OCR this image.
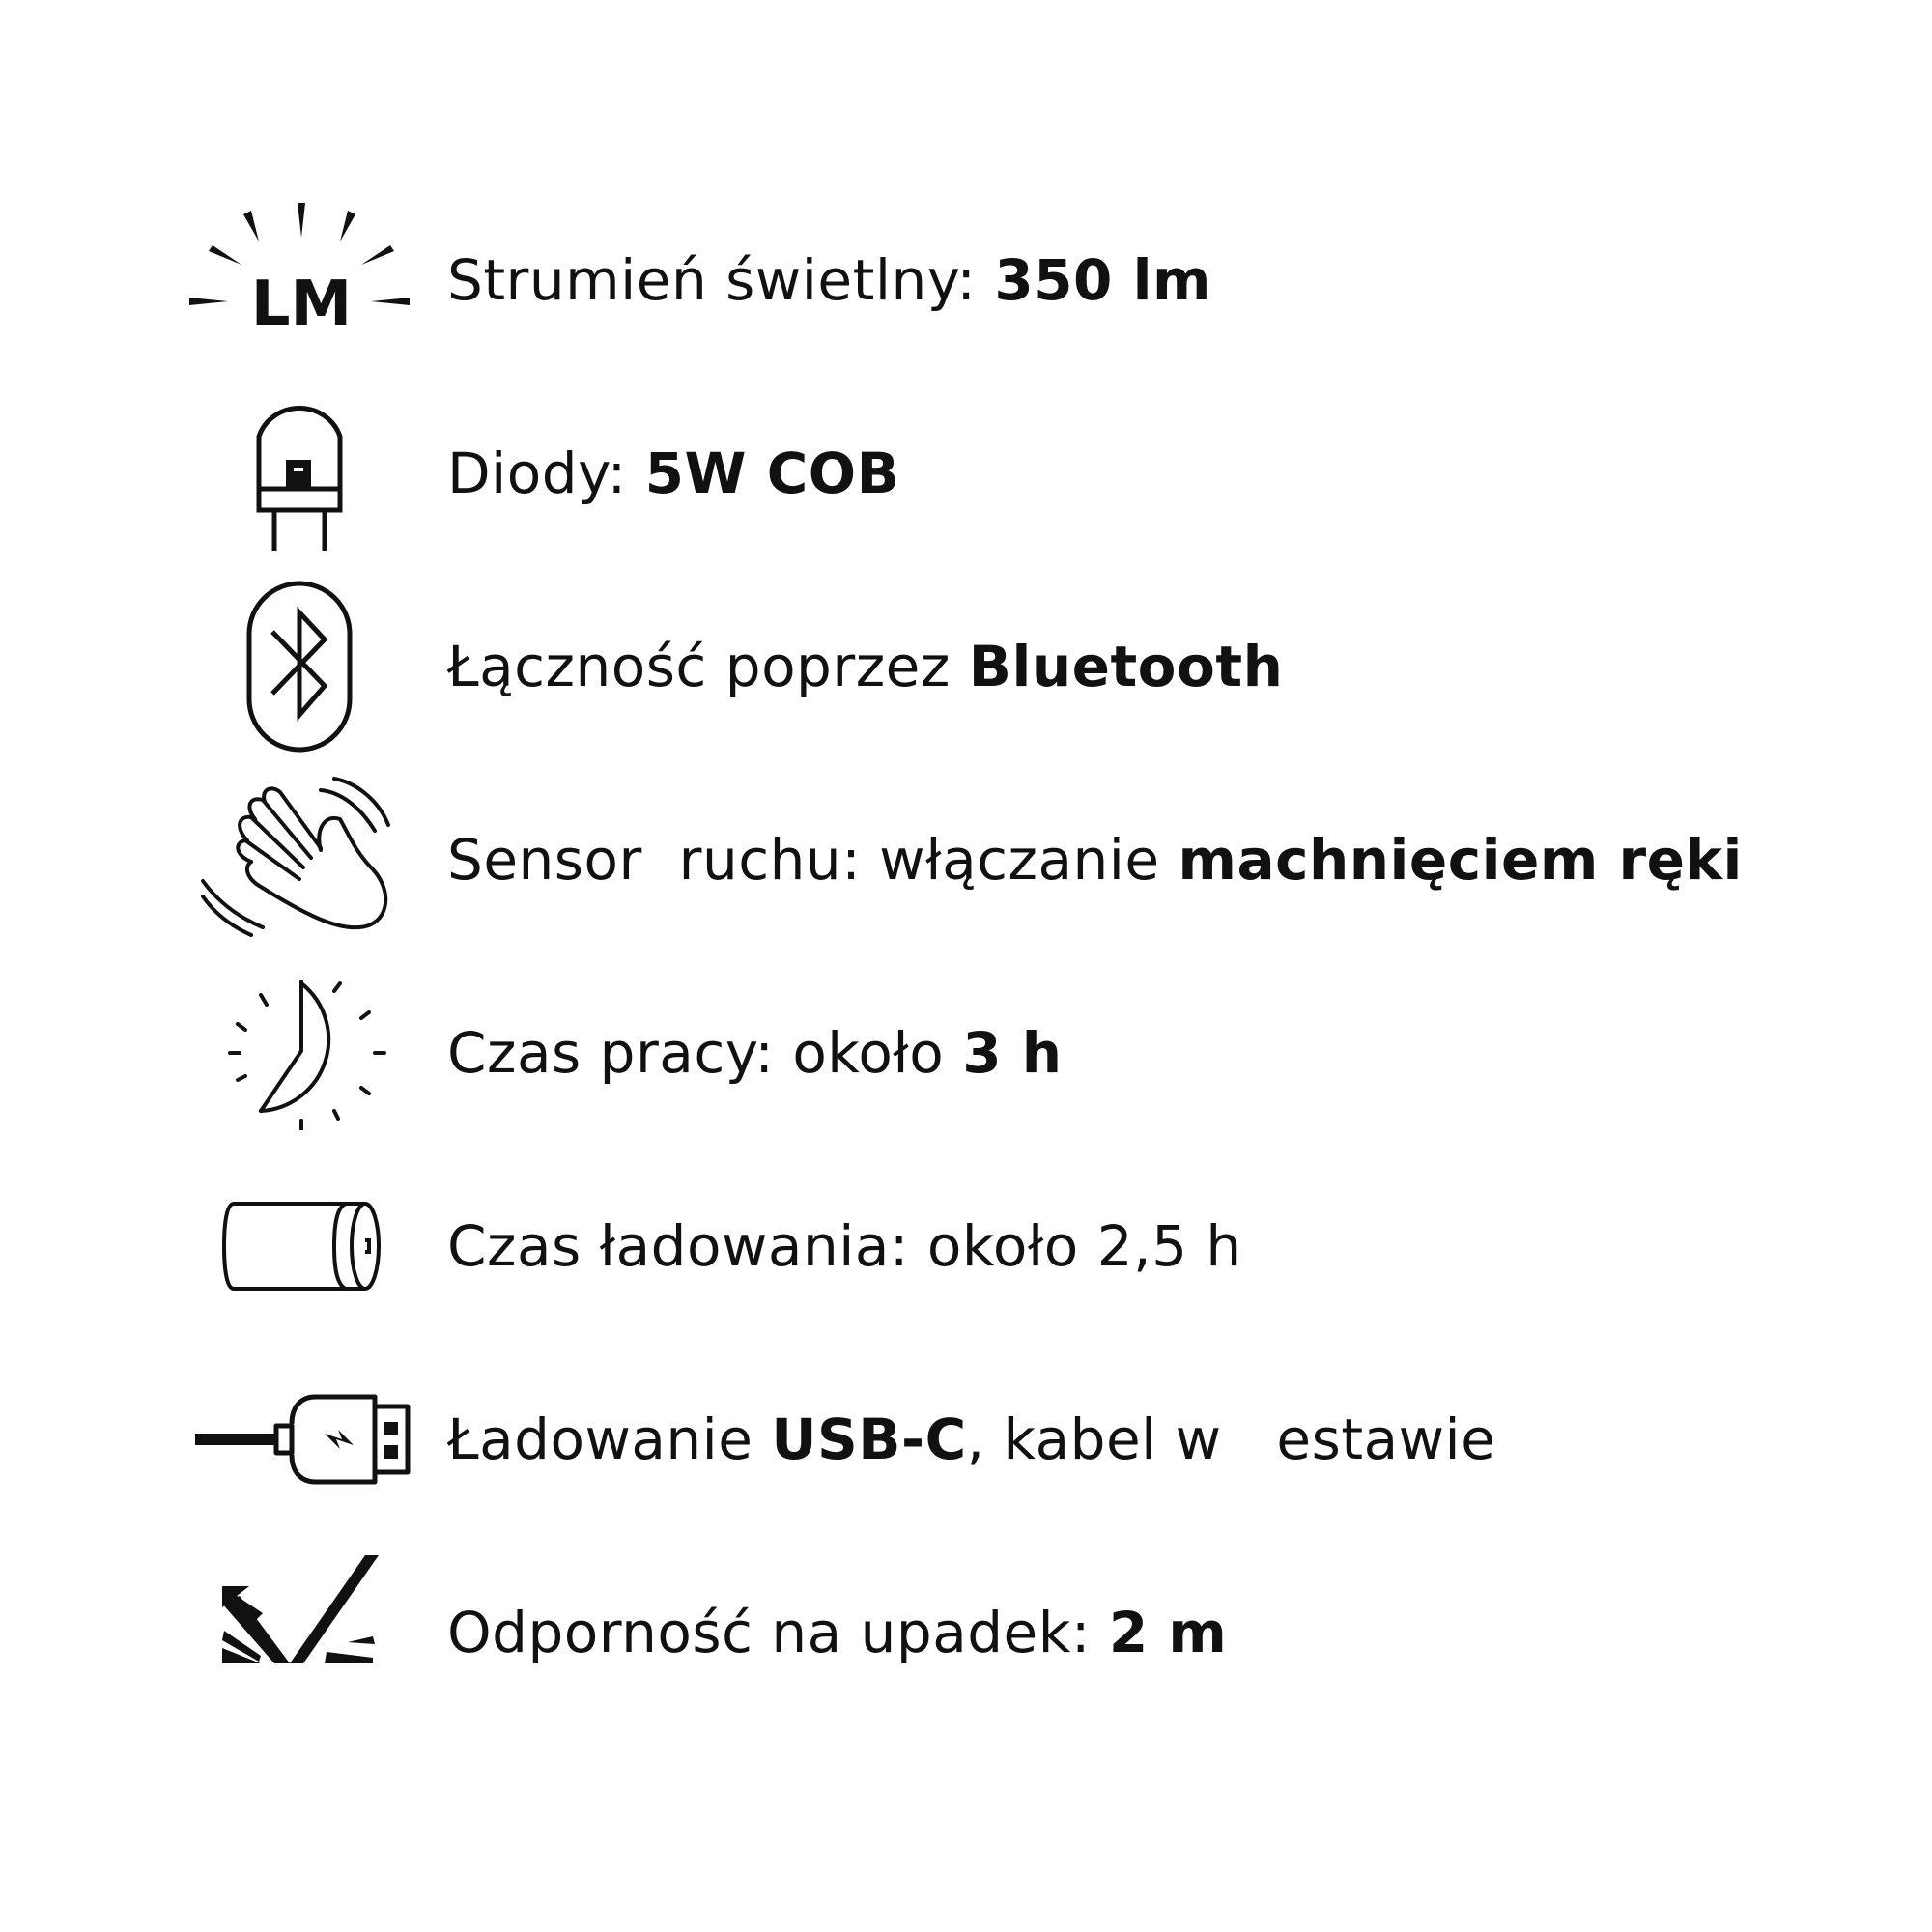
LM Strumień świetlny: 350 lm
Diody: 5W COB
Łączność poprzez Bluetooth
Sensor  ruchu: włączanie machnięciem ręki
Czas pracy: około 3 h
Czas ładowania: około 2,5 h
Ładowanie USB-C, kabel w   estawie
Odporność na upadek: 2 m
